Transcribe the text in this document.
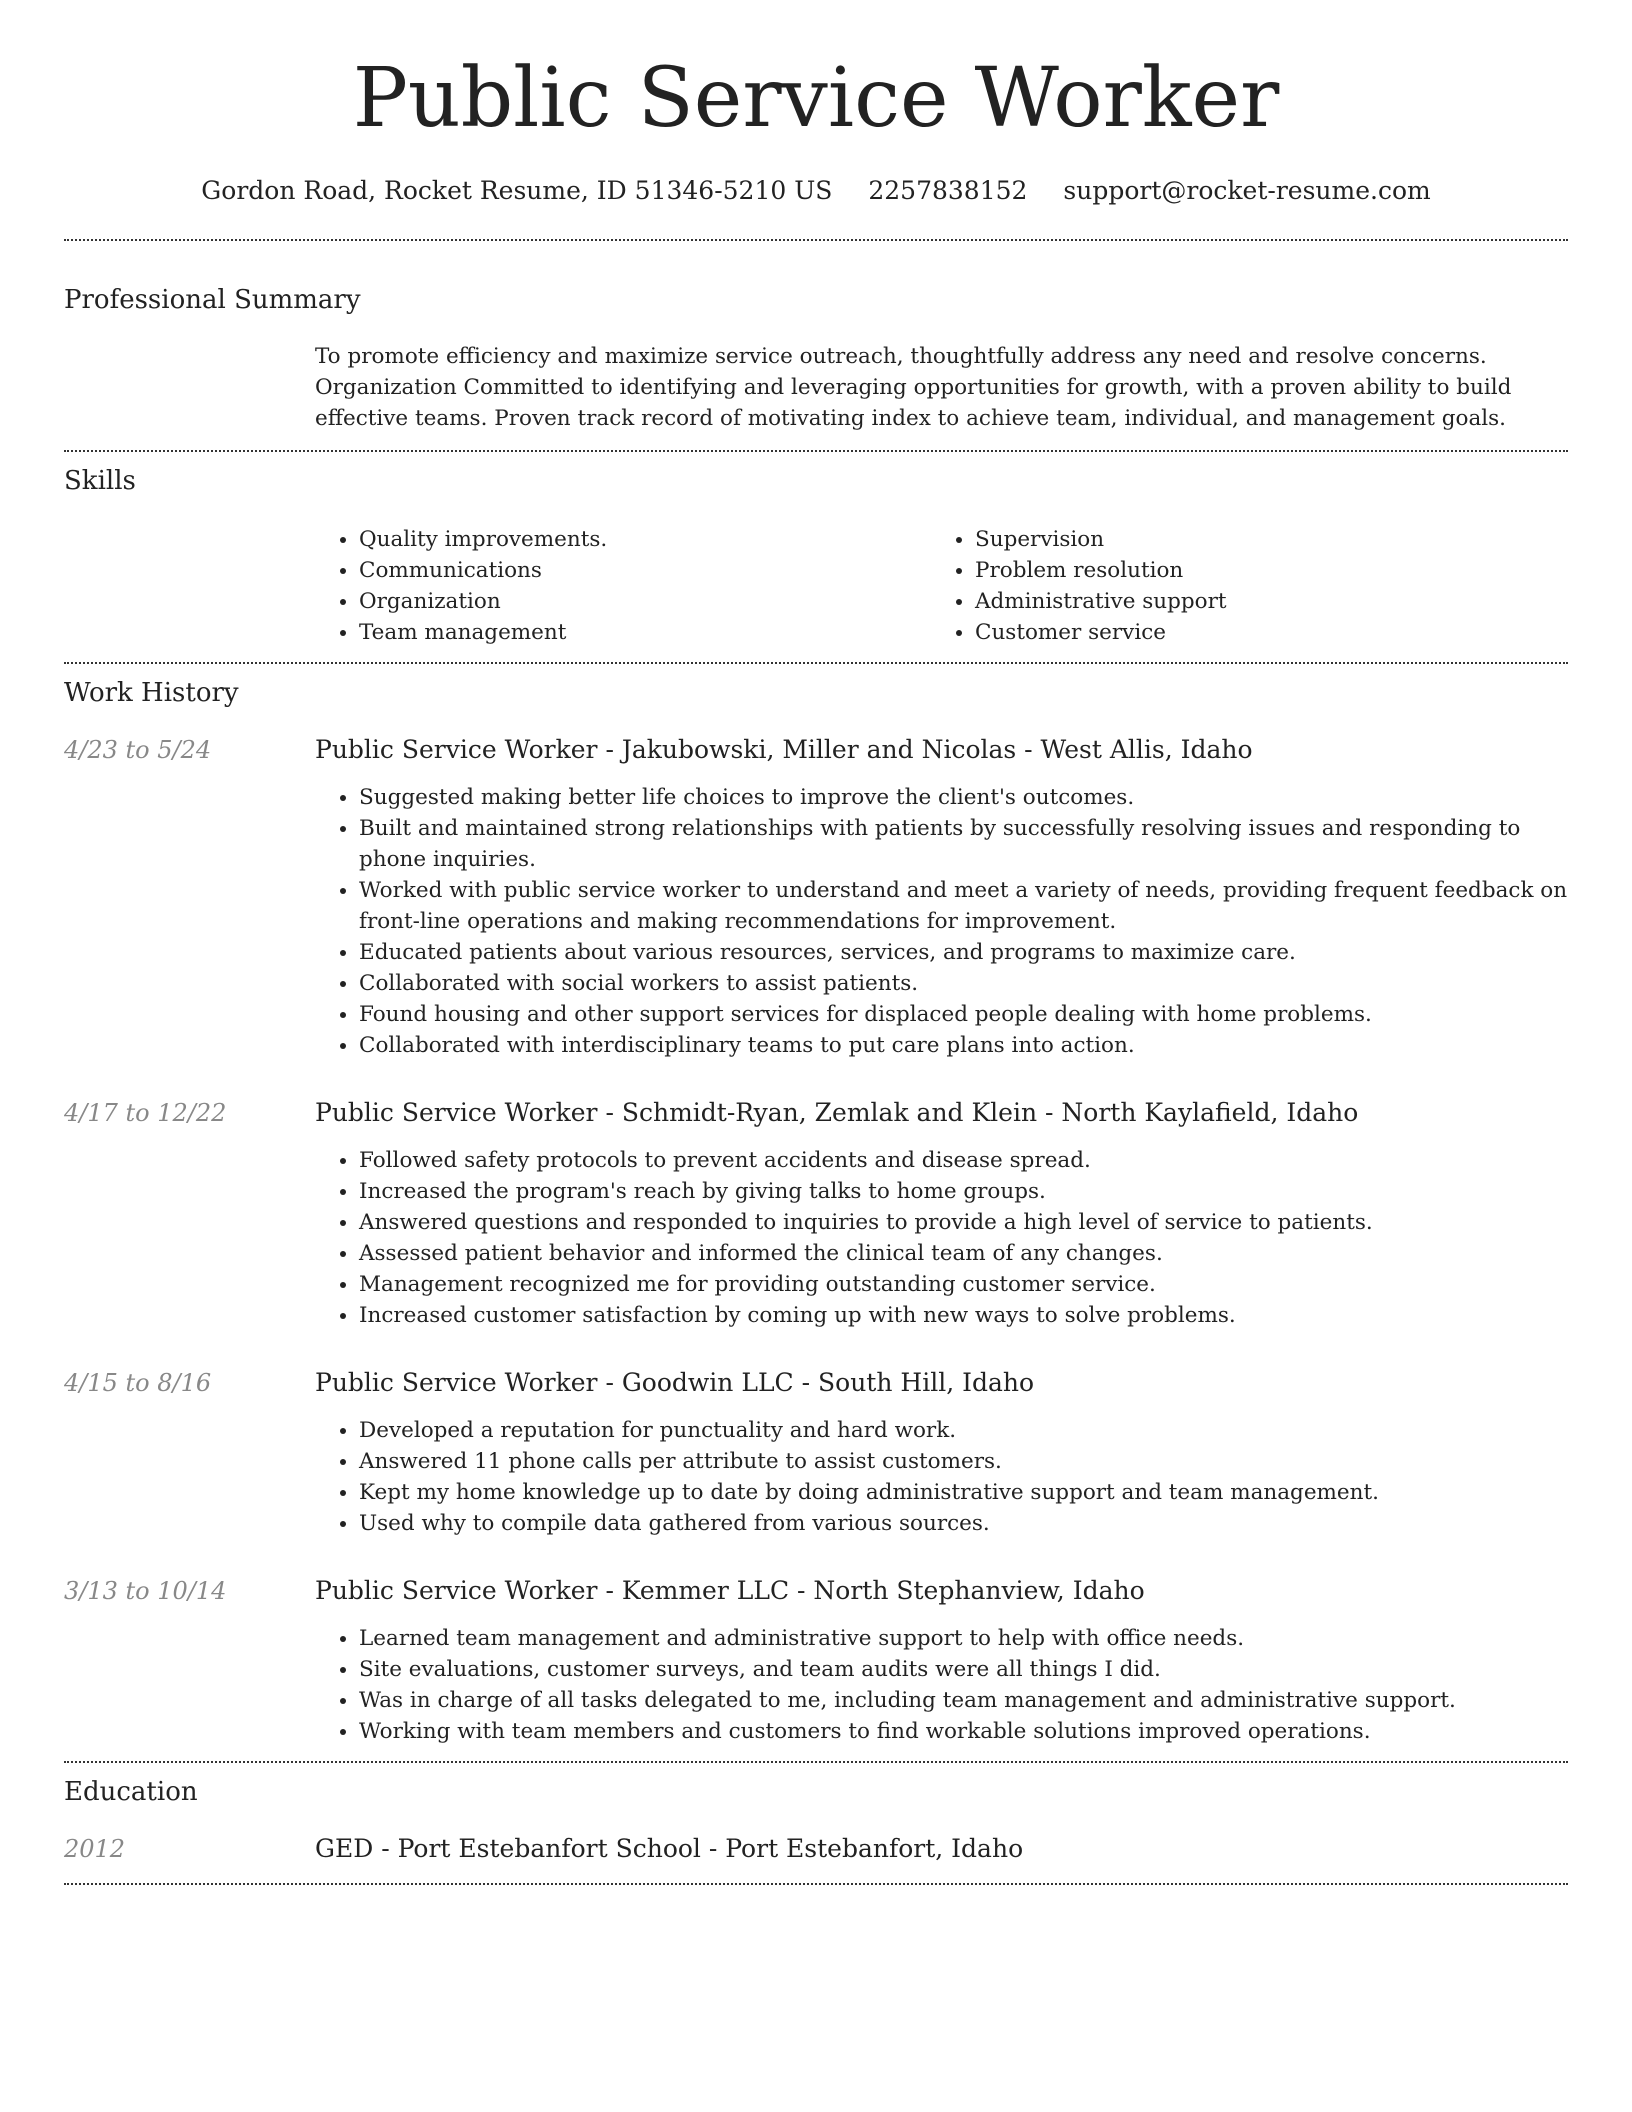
Public Service Worker
Gordon Road, Rocket Resume, ID 51346-5210 US 2257838152 support@rocket-resume.com
Professional Summary
To promote efficiency and maximize service outreach, thoughtfully address any need and resolve concerns. Organization Committed to identifying and leveraging opportunities for growth, with a proven ability to build effective teams. Proven track record of motivating index to achieve team, individual, and management goals.
Skills
• Quality improvements.
• Communications
• Organization
• Team management
• Supervision
• Problem resolution
• Administrative support
• Customer service
Work History
4/23 to 5/24	Public Service Worker - Jakubowski, Miller and Nicolas - West Allis, Idaho
• Suggested making better life choices to improve the client's outcomes.
• Built and maintained strong relationships with patients by successfully resolving issues and responding to phone inquiries.
• Worked with public service worker to understand and meet a variety of needs, providing frequent feedback on front-line operations and making recommendations for improvement.
• Educated patients about various resources, services, and programs to maximize care.
• Collaborated with social workers to assist patients.
• Found housing and other support services for displaced people dealing with home problems.
• Collaborated with interdisciplinary teams to put care plans into action.
4/17 to 12/22	Public Service Worker - Schmidt-Ryan, Zemlak and Klein - North Kaylafield, Idaho
• Followed safety protocols to prevent accidents and disease spread.
• Increased the program's reach by giving talks to home groups.
• Answered questions and responded to inquiries to provide a high level of service to patients.
• Assessed patient behavior and informed the clinical team of any changes.
• Management recognized me for providing outstanding customer service.
• Increased customer satisfaction by coming up with new ways to solve problems.
4/15 to 8/16	Public Service Worker - Goodwin LLC - South Hill, Idaho
• Developed a reputation for punctuality and hard work.
• Answered 11 phone calls per attribute to assist customers.
• Kept my home knowledge up to date by doing administrative support and team management.
• Used why to compile data gathered from various sources.
3/13 to 10/14	Public Service Worker - Kemmer LLC - North Stephanview, Idaho
• Learned team management and administrative support to help with office needs.
• Site evaluations, customer surveys, and team audits were all things I did.
• Was in charge of all tasks delegated to me, including team management and administrative support.
• Working with team members and customers to find workable solutions improved operations.
Education
2012	GED - Port Estebanfort School - Port Estebanfort, Idaho
